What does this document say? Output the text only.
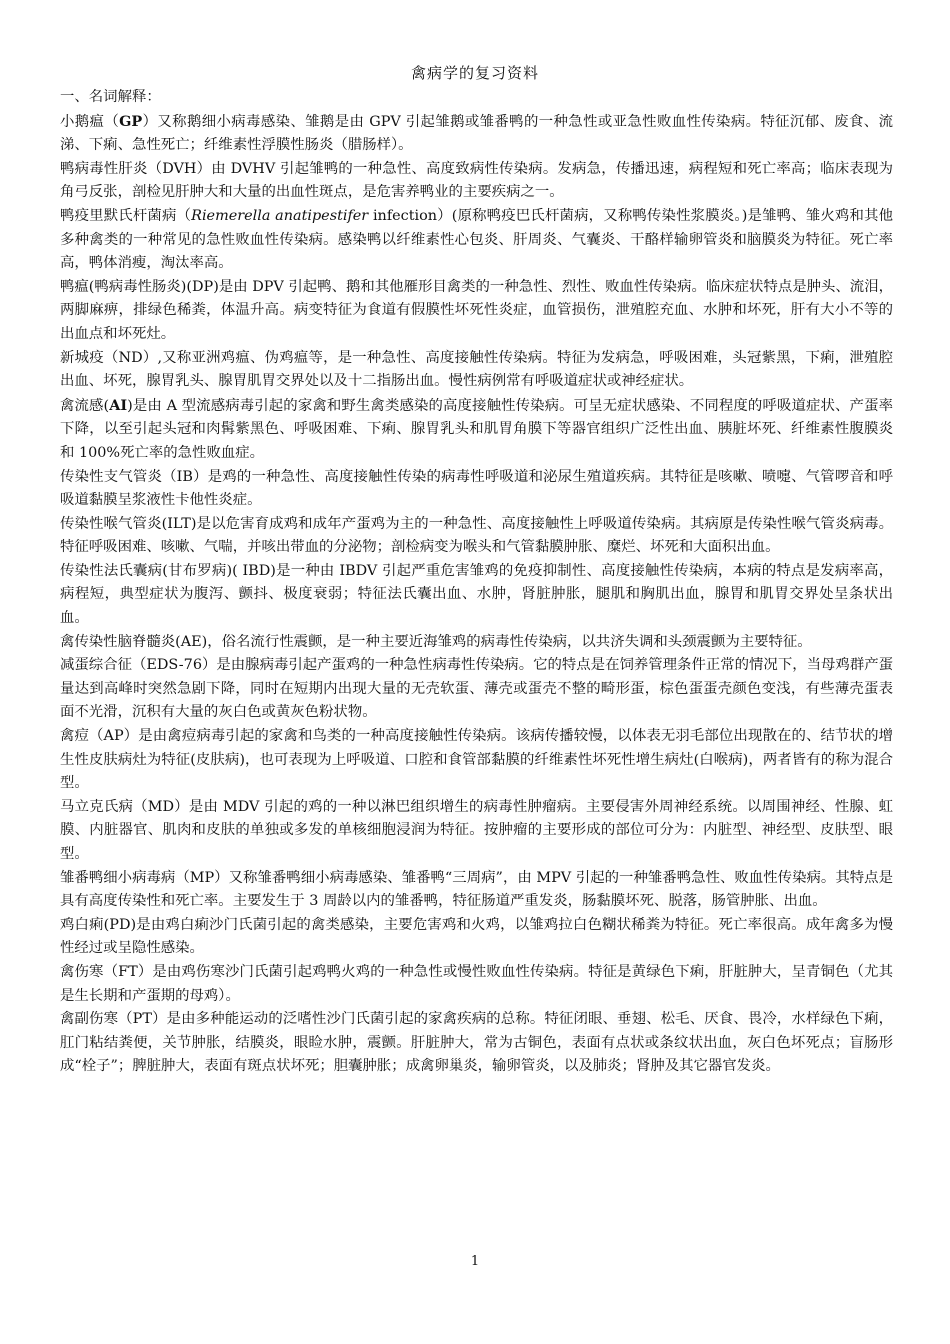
禽病学的复习资料

一、名词解释：

小鹅瘟（GP）又称鹅细小病毒感染、雏鹅是由 GPV 引起雏鹅或雏番鸭的一种急性或亚急性败血性传染病。特征沉郁、废食、流涕、下痢、急性死亡；纤维素性浮膜性肠炎（腊肠样）。

鸭病毒性肝炎（DVH）由 DVHV 引起雏鸭的一种急性、高度致病性传染病。发病急，传播迅速，病程短和死亡率高；临床表现为角弓反张，剖检见肝肿大和大量的出血性斑点，是危害养鸭业的主要疾病之一。

鸭疫里默氏杆菌病（Riemerella anatipestifer infection）(原称鸭疫巴氏杆菌病，又称鸭传染性浆膜炎。)是雏鸭、雏火鸡和其他多种禽类的一种常见的急性败血性传染病。感染鸭以纤维素性心包炎、肝周炎、气囊炎、干酪样输卵管炎和脑膜炎为特征。死亡率高，鸭体消瘦，淘汰率高。

鸭瘟(鸭病毒性肠炎)(DP)是由 DPV 引起鸭、鹅和其他雁形目禽类的一种急性、烈性、败血性传染病。临床症状特点是肿头、流泪，两脚麻痹，排绿色稀粪，体温升高。病变特征为食道有假膜性坏死性炎症，血管损伤，泄殖腔充血、水肿和坏死，肝有大小不等的出血点和坏死灶。

新城疫（ND）,又称亚洲鸡瘟、伪鸡瘟等，是一种急性、高度接触性传染病。特征为发病急，呼吸困难，头冠紫黑，下痢，泄殖腔出血、坏死，腺胃乳头、腺胃肌胃交界处以及十二指肠出血。慢性病例常有呼吸道症状或神经症状。

禽流感(AI)是由 A 型流感病毒引起的家禽和野生禽类感染的高度接触性传染病。可呈无症状感染、不同程度的呼吸道症状、产蛋率下降，以至引起头冠和肉髯紫黑色、呼吸困难、下痢、腺胃乳头和肌胃角膜下等器官组织广泛性出血、胰脏坏死、纤维素性腹膜炎和 100%死亡率的急性败血症。

传染性支气管炎（IB）是鸡的一种急性、高度接触性传染的病毒性呼吸道和泌尿生殖道疾病。其特征是咳嗽、喷嚏、气管啰音和呼吸道黏膜呈浆液性卡他性炎症。

传染性喉气管炎(ILT)是以危害育成鸡和成年产蛋鸡为主的一种急性、高度接触性上呼吸道传染病。其病原是传染性喉气管炎病毒。特征呼吸困难、咳嗽、气喘，并咳出带血的分泌物；剖检病变为喉头和气管黏膜肿胀、糜烂、坏死和大面积出血。

传染性法氏囊病(甘布罗病)( IBD)是一种由 IBDV 引起严重危害雏鸡的免疫抑制性、高度接触性传染病，本病的特点是发病率高，病程短，典型症状为腹泻、颤抖、极度衰弱；特征法氏囊出血、水肿，肾脏肿胀，腿肌和胸肌出血，腺胃和肌胃交界处呈条状出血。

禽传染性脑脊髓炎(AE)，俗名流行性震颤，是一种主要近海雏鸡的病毒性传染病，以共济失调和头颈震颤为主要特征。

减蛋综合征（EDS-76）是由腺病毒引起产蛋鸡的一种急性病毒性传染病。它的特点是在饲养管理条件正常的情况下，当母鸡群产蛋量达到高峰时突然急剧下降，同时在短期内出现大量的无壳软蛋、薄壳或蛋壳不整的畸形蛋，棕色蛋蛋壳颜色变浅，有些薄壳蛋表面不光滑，沉积有大量的灰白色或黄灰色粉状物。

禽痘（AP）是由禽痘病毒引起的家禽和鸟类的一种高度接触性传染病。该病传播较慢，以体表无羽毛部位出现散在的、结节状的增生性皮肤病灶为特征(皮肤病)，也可表现为上呼吸道、口腔和食管部黏膜的纤维素性坏死性增生病灶(白喉病)，两者皆有的称为混合型。

马立克氏病（MD）是由 MDV 引起的鸡的一种以淋巴组织增生的病毒性肿瘤病。主要侵害外周神经系统。以周围神经、性腺、虹膜、内脏器官、肌肉和皮肤的单独或多发的单核细胞浸润为特征。按肿瘤的主要形成的部位可分为：内脏型、神经型、皮肤型、眼型。

雏番鸭细小病毒病（MP）又称雏番鸭细小病毒感染、雏番鸭“三周病”，由 MPV 引起的一种雏番鸭急性、败血性传染病。其特点是具有高度传染性和死亡率。主要发生于 3 周龄以内的雏番鸭，特征肠道严重发炎，肠黏膜坏死、脱落，肠管肿胀、出血。

鸡白痢(PD)是由鸡白痢沙门氏菌引起的禽类感染，主要危害鸡和火鸡，以雏鸡拉白色糊状稀粪为特征。死亡率很高。成年禽多为慢性经过或呈隐性感染。

禽伤寒（FT）是由鸡伤寒沙门氏菌引起鸡鸭火鸡的一种急性或慢性败血性传染病。特征是黄绿色下痢，肝脏肿大，呈青铜色（尤其是生长期和产蛋期的母鸡）。

禽副伤寒（PT）是由多种能运动的泛嗜性沙门氏菌引起的家禽疾病的总称。特征闭眼、垂翅、松毛、厌食、畏冷，水样绿色下痢，肛门粘结粪便，关节肿胀，结膜炎，眼睑水肿，震颤。肝脏肿大，常为古铜色，表面有点状或条纹状出血，灰白色坏死点；盲肠形成“栓子”；脾脏肿大，表面有斑点状坏死；胆囊肿胀；成禽卵巢炎，输卵管炎，以及肺炎；肾肿及其它器官发炎。

1
